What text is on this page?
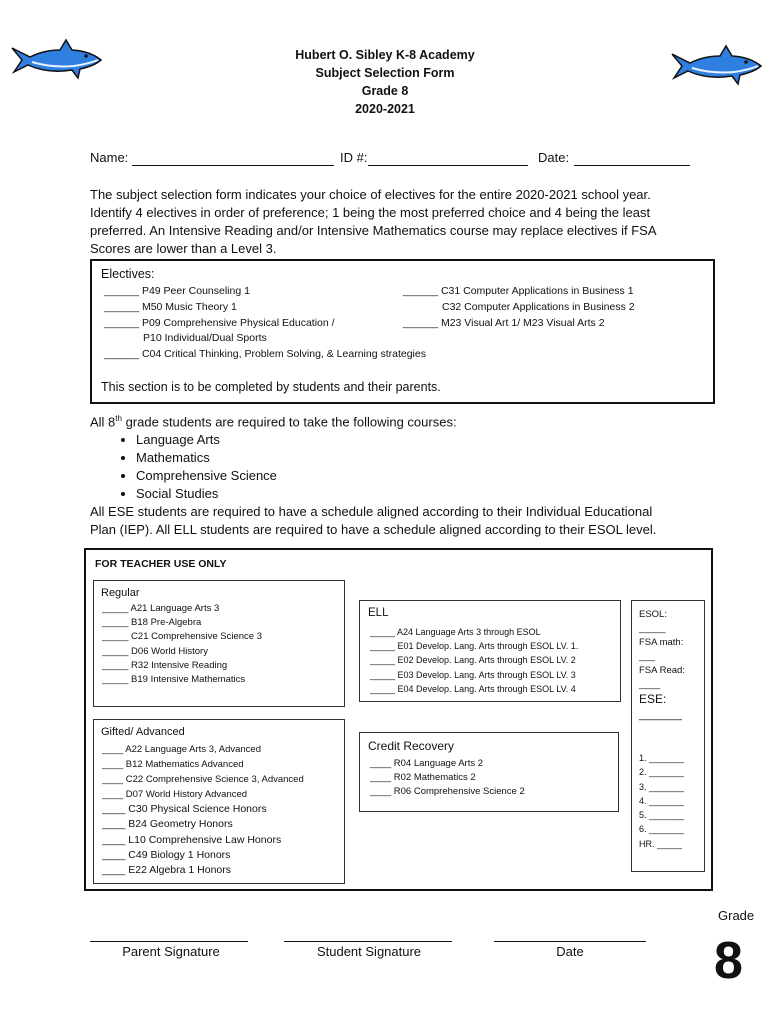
Hubert O. Sibley K-8 Academy
Subject Selection Form
Grade 8
2020-2021
Name:	ID #:	Date:
The subject selection form indicates your choice of electives for the entire 2020-2021 school year. Identify 4 electives in order of preference; 1 being the most preferred choice and 4 being the least preferred. An Intensive Reading and/or Intensive Mathematics course may replace electives if FSA Scores are lower than a Level 3.
Electives:
______ P49 Peer Counseling 1
______ M50 Music Theory 1
______ P09 Comprehensive Physical Education /
P10 Individual/Dual Sports
______ C04 Critical Thinking, Problem Solving, & Learning strategies
______ C31 Computer Applications in Business 1
C32 Computer Applications in Business 2
______ M23 Visual Art 1/ M23 Visual Arts 2
This section is to be completed by students and their parents.
All 8th grade students are required to take the following courses:
• Language Arts
• Mathematics
• Comprehensive Science
• Social Studies
All ESE students are required to have a schedule aligned according to their Individual Educational Plan (IEP). All ELL students are required to have a schedule aligned according to their ESOL level.
FOR TEACHER USE ONLY
Regular
_____ A21 Language Arts 3
_____ B18 Pre-Algebra
_____ C21 Comprehensive Science 3
_____ D06 World History
_____ R32 Intensive Reading
_____ B19 Intensive Mathematics
Gifted/ Advanced
____ A22 Language Arts 3, Advanced
____ B12 Mathematics Advanced
____ C22 Comprehensive Science 3, Advanced
____ D07 World History Advanced
____ C30 Physical Science Honors
____ B24 Geometry Honors
____ L10 Comprehensive Law Honors
____ C49 Biology 1 Honors
____ E22 Algebra 1 Honors
ELL
_____ A24 Language Arts 3 through ESOL
_____ E01 Develop. Lang. Arts through ESOL LV. 1.
_____ E02 Develop. Lang. Arts through ESOL LV. 2
_____ E03 Develop. Lang. Arts through ESOL LV. 3
_____ E04 Develop. Lang. Arts through ESOL LV. 4
Credit Recovery
____ R04 Language Arts 2
____ R02 Mathematics 2
____ R06 Comprehensive Science 2
ESOL:
_____
FSA math:
___
FSA Read:
____
ESE:
_______
1. _______
2. _______
3. _______
4. _______
5. _______
6. _______
HR. _____
Parent Signature	Student Signature	Date
Grade
8
